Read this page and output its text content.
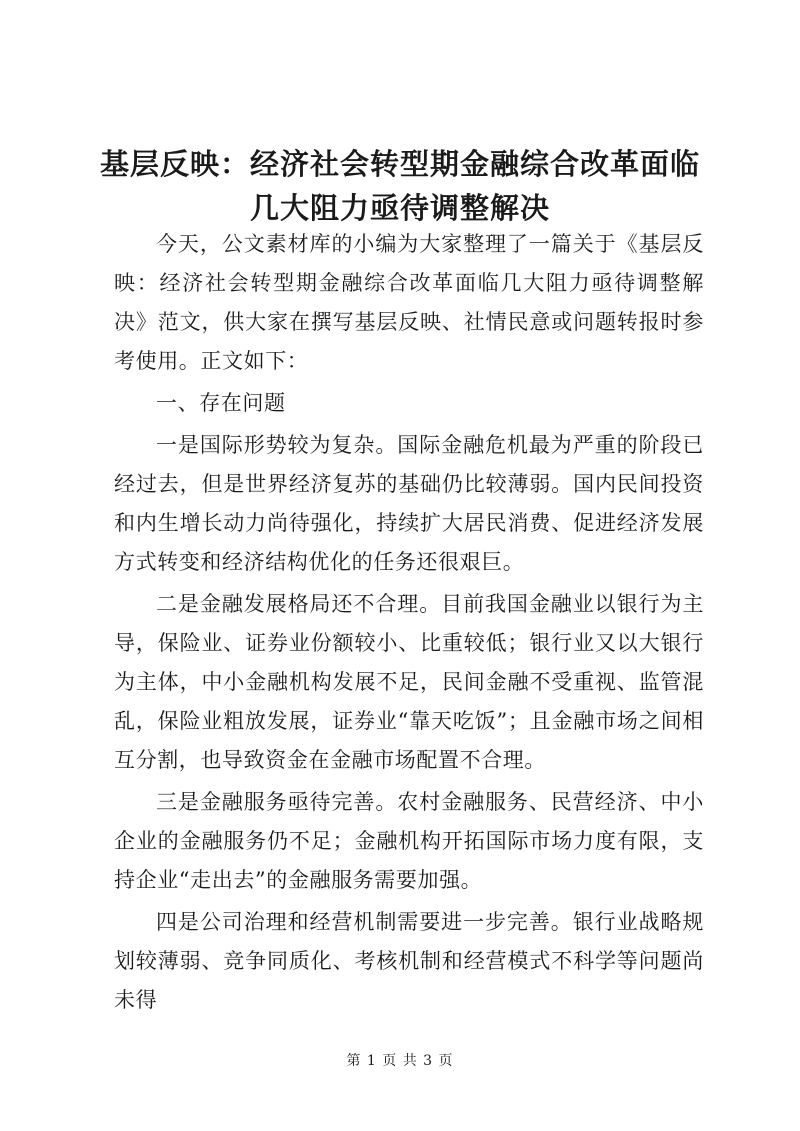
基层反映：经济社会转型期金融综合改革面临
几大阻力亟待调整解决

今天，公文素材库的小编为大家整理了一篇关于《基层反映：经济社会转型期金融综合改革面临几大阻力亟待调整解决》范文，供大家在撰写基层反映、社情民意或问题转报时参考使用。正文如下：

一、存在问题

一是国际形势较为复杂。国际金融危机最为严重的阶段已经过去，但是世界经济复苏的基础仍比较薄弱。国内民间投资和内生增长动力尚待强化，持续扩大居民消费、促进经济发展方式转变和经济结构优化的任务还很艰巨。

二是金融发展格局还不合理。目前我国金融业以银行为主导，保险业、证券业份额较小、比重较低；银行业又以大银行为主体，中小金融机构发展不足，民间金融不受重视、监管混乱，保险业粗放发展，证券业“靠天吃饭”；且金融市场之间相互分割，也导致资金在金融市场配置不合理。

三是金融服务亟待完善。农村金融服务、民营经济、中小企业的金融服务仍不足；金融机构开拓国际市场力度有限，支持企业“走出去”的金融服务需要加强。

四是公司治理和经营机制需要进一步完善。银行业战略规划较薄弱、竞争同质化、考核机制和经营模式不科学等问题尚未得

第 1 页 共 3 页
